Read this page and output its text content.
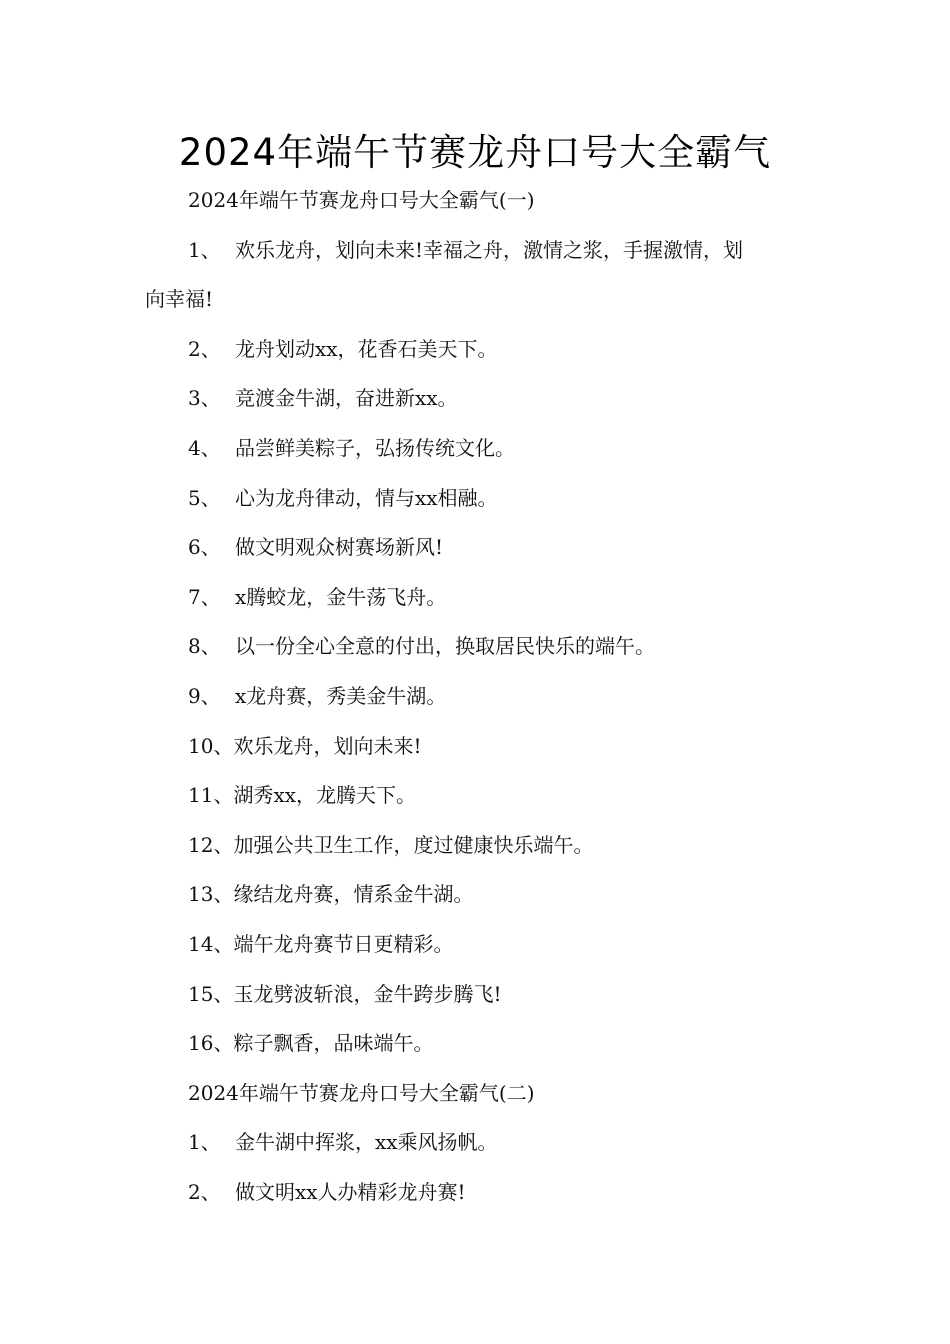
2024年端午节赛龙舟口号大全霸气
2024年端午节赛龙舟口号大全霸气(一)
1、 欢乐龙舟，划向未来!幸福之舟，激情之浆，手握激情，划
向幸福!
2、 龙舟划动xx，花香石美天下。
3、 竞渡金牛湖，奋进新xx。
4、 品尝鲜美粽子，弘扬传统文化。
5、 心为龙舟律动，情与xx相融。
6、 做文明观众树赛场新风!
7、 x腾蛟龙，金牛荡飞舟。
8、 以一份全心全意的付出，换取居民快乐的端午。
9、 x龙舟赛，秀美金牛湖。
10、欢乐龙舟，划向未来!
11、湖秀xx，龙腾天下。
12、加强公共卫生工作，度过健康快乐端午。
13、缘结龙舟赛，情系金牛湖。
14、端午龙舟赛节日更精彩。
15、玉龙劈波斩浪，金牛跨步腾飞!
16、粽子飘香，品味端午。
2024年端午节赛龙舟口号大全霸气(二)
1、 金牛湖中挥浆，xx乘风扬帆。
2、 做文明xx人办精彩龙舟赛!
